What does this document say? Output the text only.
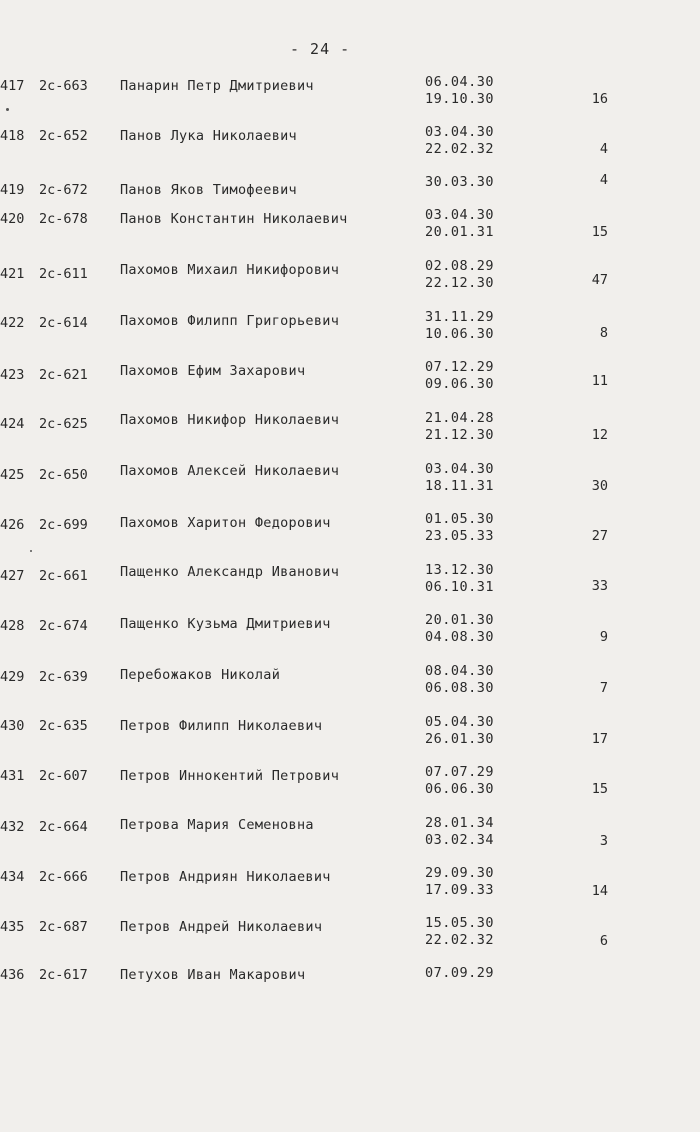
- 24 -
417 2с-663 Панарин Петр Дмитриевич	06.04.30
19.10.30	16
418 2с-652 Панов Лука Николаевич	03.04.30
22.02.32	4
419 2с-672 Панов Яков Тимофеевич	30.03.30	4
420 2с-678 Панов Константин Николаевич	03.04.30
20.01.31	15
421 2с-611 Пахомов Михаил Никифорович	02.08.29
22.12.30	47
422 2с-614 Пахомов Филипп Григорьевич	31.11.29
10.06.30	8
423 2с-621 Пахомов Ефим Захарович	07.12.29
09.06.30	11
424 2с-625 Пахомов Никифор Николаевич	21.04.28
21.12.30	12
425 2с-650 Пахомов Алексей Николаевич	03.04.30
18.11.31	30
426 2с-699 Пахомов Харитон Федорович	01.05.30
23.05.33	27
427 2с-661 Пащенко Александр Иванович	13.12.30
06.10.31	33
428 2с-674 Пащенко Кузьма Дмитриевич	20.01.30
04.08.30	9
429 2с-639 Перебожаков Николай	08.04.30
06.08.30	7
430 2с-635 Петров Филипп Николаевич	05.04.30
26.01.30	17
431 2с-607 Петров Иннокентий Петрович	07.07.29
06.06.30	15
432 2с-664 Петрова Мария Семеновна	28.01.34
03.02.34	3
434 2с-666 Петров Андриян Николаевич	29.09.30
17.09.33	14
435 2с-687 Петров Андрей Николаевич	15.05.30
22.02.32	6
436 2с-617 Петухов Иван Макарович	07.09.29
